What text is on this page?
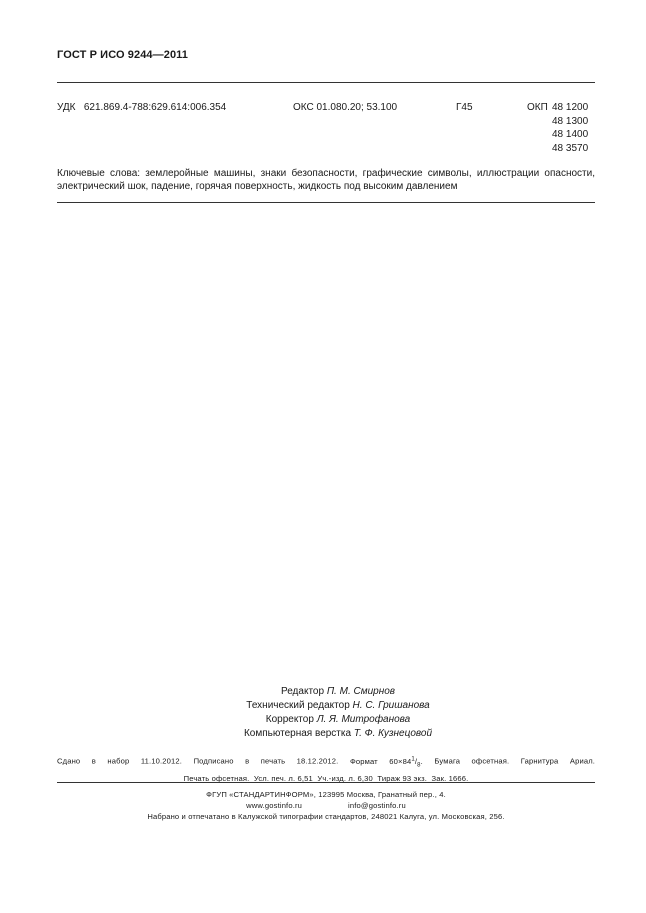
ГОСТ Р ИСО 9244—2011
УДК 621.869.4-788:629.614:006.354	ОКС 01.080.20; 53.100	Г45	ОКП 48 1200
48 1300
48 1400
48 3570
Ключевые слова: землеройные машины, знаки безопасности, графические символы, иллюстрации опасности, электрический шок, падение, горячая поверхность, жидкость под высоким давлением
Редактор П. М. Смирнов
Технический редактор Н. С. Гришанова
Корректор Л. Я. Митрофанова
Компьютерная верстка Т. Ф. Кузнецовой
Сдано в набор 11.10.2012. Подписано в печать 18.12.2012. Формат $60\times 84^1/_8$. Бумага офсетная. Гарнитура Ариал.
Печать офсетная. Усл. печ. л. 6,51 Уч.-изд. л. 6,30 Тираж 93 экз. Зак. 1666.
ФГУП «СТАНДАРТИНФОРМ», 123995 Москва, Гранатный пер., 4.
www.gostinfo.ru	info@gostinfo.ru
Набрано и отпечатано в Калужской типографии стандартов, 248021 Калуга, ул. Московская, 256.
